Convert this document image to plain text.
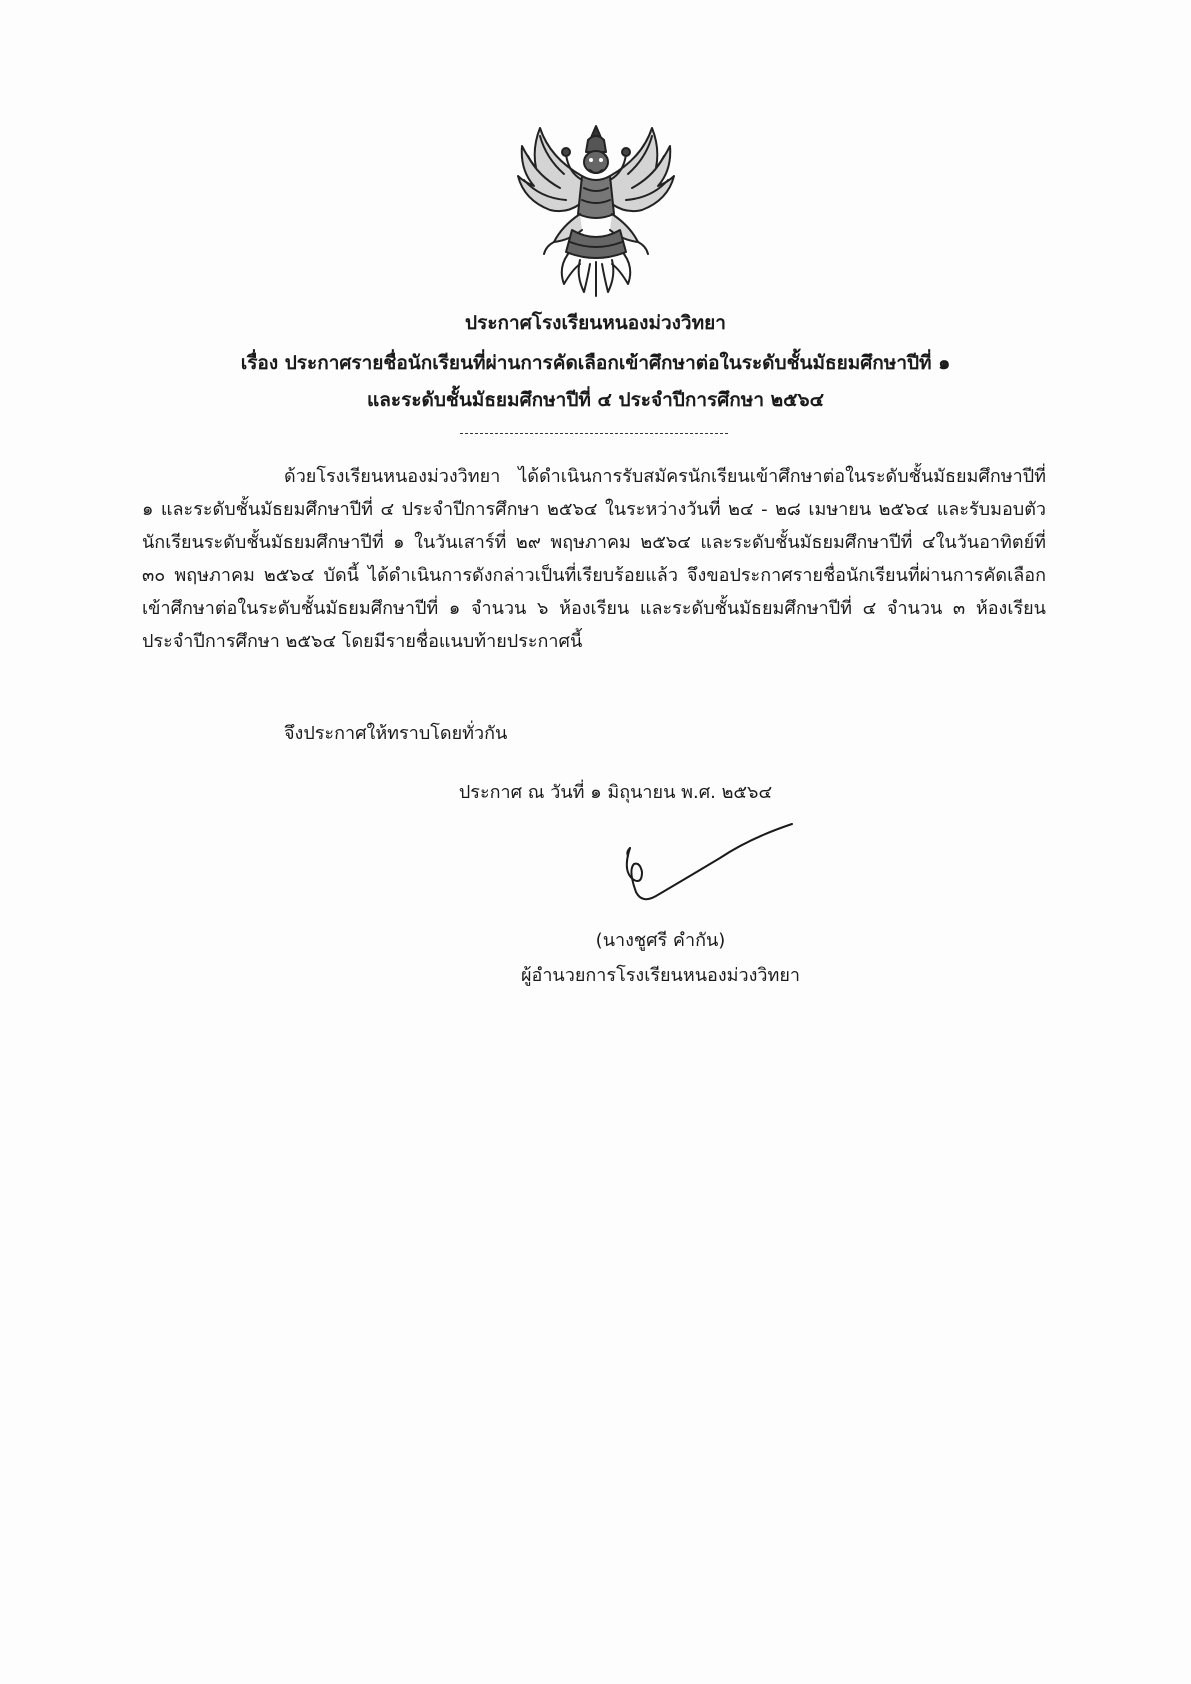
ประกาศโรงเรียนหนองม่วงวิทยา
เรื่อง ประกาศรายชื่อนักเรียนที่ผ่านการคัดเลือกเข้าศึกษาต่อในระดับชั้นมัธยมศึกษาปีที่ ๑
และระดับชั้นมัธยมศึกษาปีที่ ๔ ประจำปีการศึกษา ๒๕๖๔
ด้วยโรงเรียนหนองม่วงวิทยา ได้ดำเนินการรับสมัครนักเรียนเข้าศึกษาต่อในระดับชั้นมัธยมศึกษาปีที่ ๑ และระดับชั้นมัธยมศึกษาปีที่ ๔ ประจำปีการศึกษา ๒๕๖๔ ในระหว่างวันที่ ๒๔ - ๒๘ เมษายน ๒๕๖๔ และรับมอบตัวนักเรียนระดับชั้นมัธยมศึกษาปีที่ ๑ ในวันเสาร์ที่ ๒๙ พฤษภาคม ๒๕๖๔ และระดับชั้นมัธยมศึกษาปีที่ ๔ในวันอาทิตย์ที่ ๓๐ พฤษภาคม ๒๕๖๔ บัดนี้ ได้ดำเนินการดังกล่าวเป็นที่เรียบร้อยแล้ว จึงขอประกาศรายชื่อนักเรียนที่ผ่านการคัดเลือกเข้าศึกษาต่อในระดับชั้นมัธยมศึกษาปีที่ ๑ จำนวน ๖ ห้องเรียน และระดับชั้นมัธยมศึกษาปีที่ ๔ จำนวน ๓ ห้องเรียน ประจำปีการศึกษา ๒๕๖๔ โดยมีรายชื่อแนบท้ายประกาศนี้
จึงประกาศให้ทราบโดยทั่วกัน
ประกาศ ณ วันที่ ๑ มิถุนายน พ.ศ. ๒๕๖๔
(นางชูศรี คำกัน)
ผู้อำนวยการโรงเรียนหนองม่วงวิทยา
